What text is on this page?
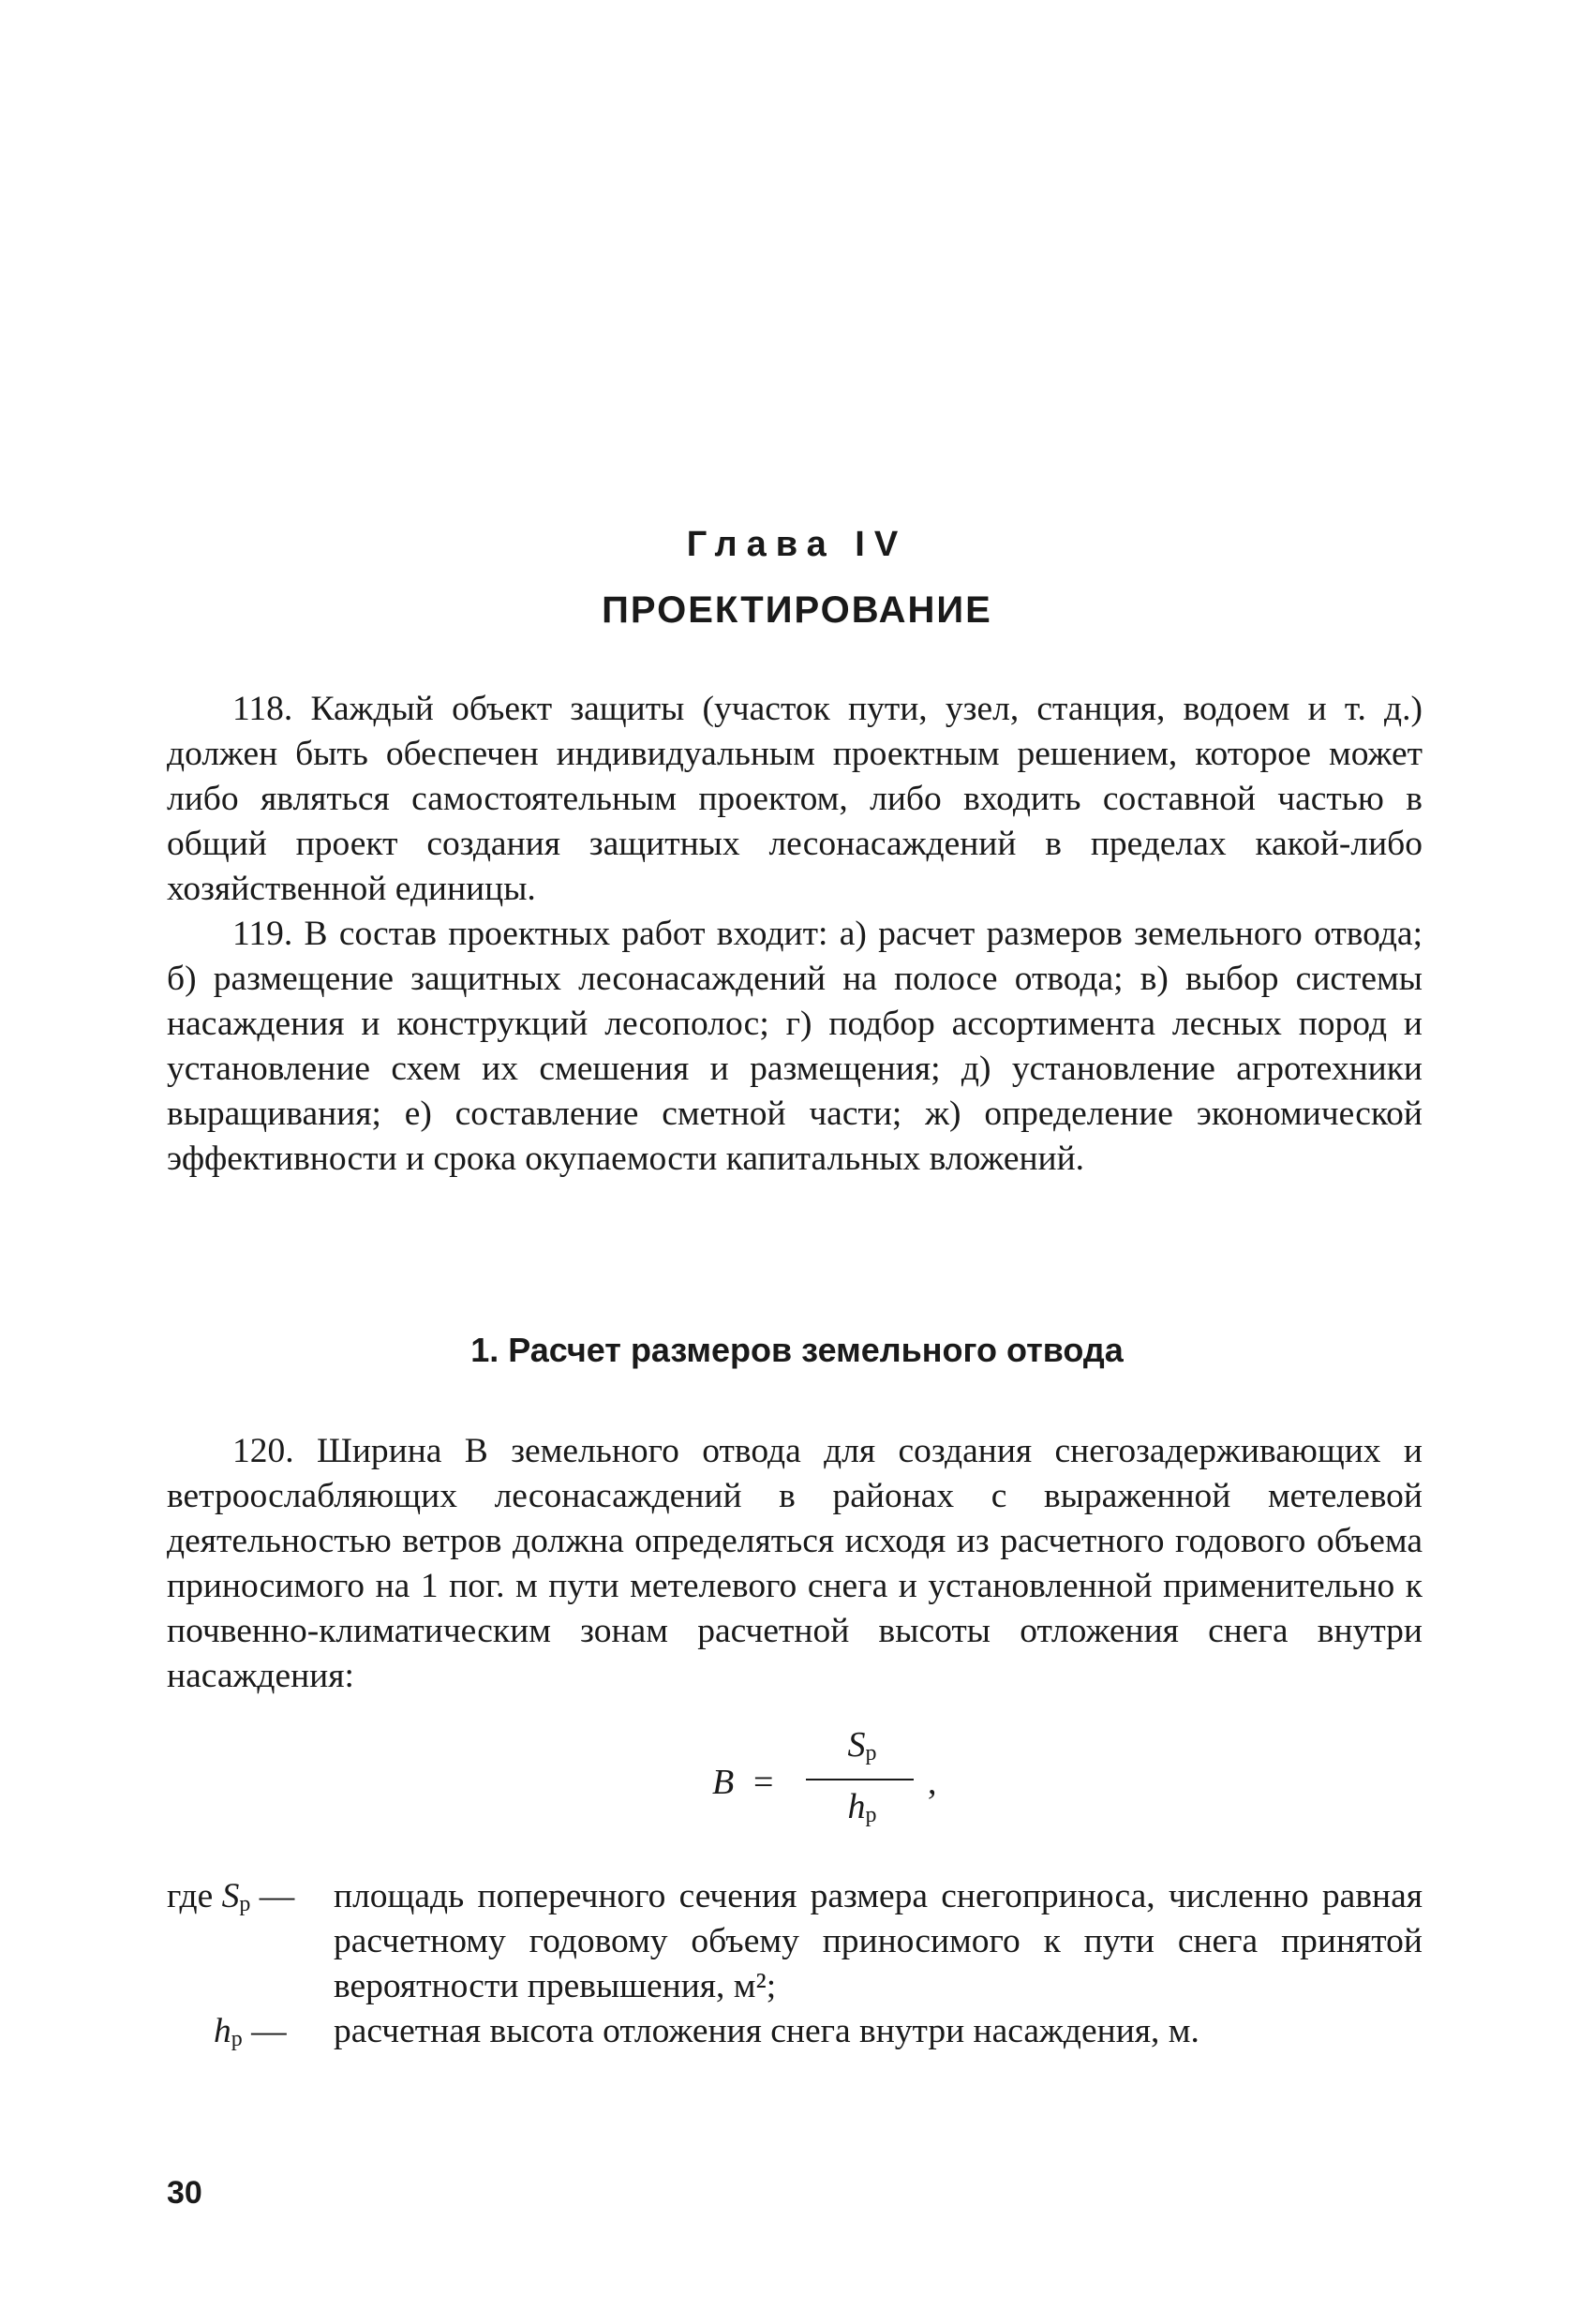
Глава IV
ПРОЕКТИРОВАНИЕ

118. Каждый объект защиты (участок пути, узел, станция, водоем и т. д.) должен быть обеспечен индивидуальным проектным решением, которое может либо являться самостоятельным проектом, либо входить составной частью в общий проект создания защитных лесонасаждений в пределах какой-либо хозяйственной единицы.

119. В состав проектных работ входит: а) расчет размеров земельного отвода; б) размещение защитных лесонасаждений на полосе отвода; в) выбор системы насаждения и конструкций лесополос; г) подбор ассортимента лесных пород и установление схем их смешения и размещения; д) установление агротехники выращивания; е) составление сметной части; ж) определение экономической эффективности и срока окупаемости капитальных вложений.

1. Расчет размеров земельного отвода

120. Ширина B земельного отвода для создания снегозадерживающих и ветроослабляющих лесонасаждений в районах с выраженной метелевой деятельностью ветров должна определяться исходя из расчетного годового объема приносимого на 1 пог. м пути метелевого снега и установленной применительно к почвенно-климатическим зонам расчетной высоты отложения снега внутри насаждения:

B =
Sр
hр
,
где Sр —	площадь поперечного сечения размера снегоприноса, численно равная расчетному годовому объему приносимого к пути снега принятой вероятности превышения, м²;
hр —	расчетная высота отложения снега внутри насаждения, м.
30
